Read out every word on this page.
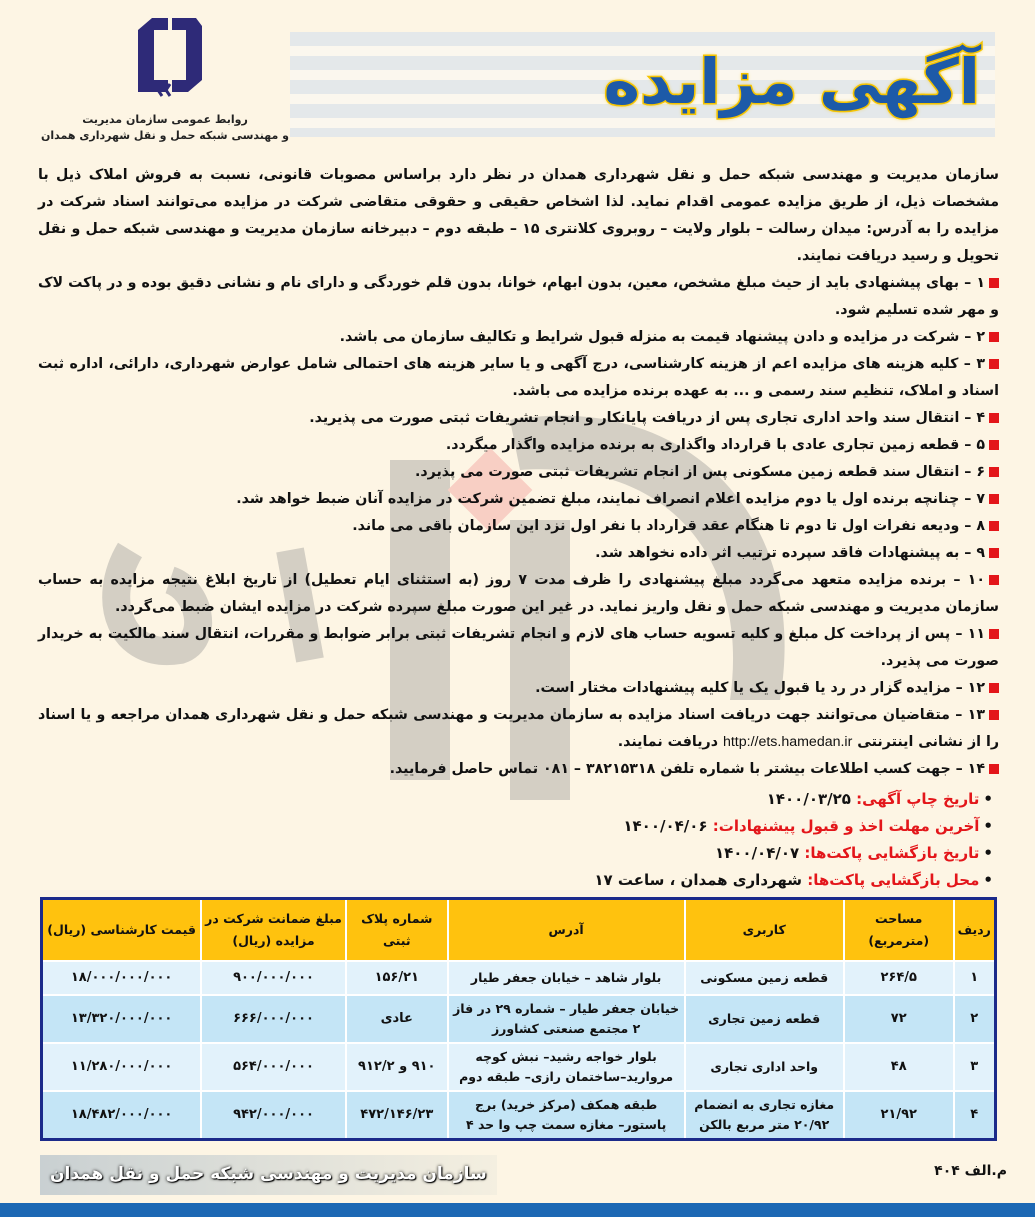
آگهی مزایده
روابط عمومی سازمان مدیریت
و مهندسی شبکه حمل و نقل شهرداری همدان

سازمان مدیریت و مهندسی شبکه حمل و نقل شهرداری همدان در نظر دارد براساس مصوبات قانونی، نسبت به فروش املاک ذیل با مشخصات ذیل، از طریق مزایده عمومی اقدام نماید. لذا اشخاص حقیقی و حقوقی متقاضی شرکت در مزایده می‌توانند اسناد شرکت در مزایده را به آدرس: میدان رسالت – بلوار ولایت – روبروی کلانتری ۱۵ – طبقه دوم – دبیرخانه سازمان مدیریت و مهندسی شبکه حمل و نقل تحویل و رسید دریافت نمایند.

۱ – بهای پیشنهادی باید از حیث مبلغ مشخص، معین، بدون ابهام، خوانا، بدون قلم خوردگی و دارای نام و نشانی دقیق بوده و در پاکت لاک و مهر شده تسلیم شود.

۲ – شرکت در مزایده و دادن پیشنهاد قیمت به منزله قبول شرایط و تکالیف سازمان می باشد.

۳ – کلیه هزینه های مزایده اعم از هزینه کارشناسی، درج آگهی و یا سایر هزینه های احتمالی شامل عوارض شهرداری، دارائی، اداره ثبت اسناد و املاک، تنظیم سند رسمی و ... به عهده برنده مزایده می باشد.

۴ – انتقال سند واحد اداری تجاری پس از دریافت پایانکار و انجام تشریفات ثبتی صورت می پذیرید.

۵ – قطعه زمین تجاری عادی با قرارداد واگذاری به برنده مزایده واگذار میگردد.

۶ – انتقال سند قطعه زمین مسکونی پس از انجام تشریفات ثبتی صورت می پذیرد.

۷ – چنانچه برنده اول یا دوم مزایده اعلام انصراف نمایند، مبلغ تضمین شرکت در مزایده آنان ضبط خواهد شد.

۸ – ودیعه نفرات اول تا دوم تا هنگام عقد قرارداد با نفر اول نزد این سازمان باقی می ماند.

۹ – به پیشنهادات فاقد سپرده ترتیب اثر داده نخواهد شد.

۱۰ – برنده مزایده متعهد می‌گردد مبلغ پیشنهادی را ظرف مدت ۷ روز (به استثنای ایام تعطیل) از تاریخ ابلاغ نتیجه مزایده به حساب سازمان مدیریت و مهندسی شبکه حمل و نقل واریز نماید. در غیر این صورت مبلغ سپرده شرکت در مزایده ایشان ضبط می‌گردد.

۱۱ – پس از پرداخت کل مبلغ و کلیه تسویه حساب های لازم و انجام تشریفات ثبتی برابر ضوابط و مقررات، انتقال سند مالکیت به خریدار صورت می پذیرد.

۱۲ – مزایده گزار در رد یا قبول یک یا کلیه پیشنهادات مختار است.

۱۳ – متقاضیان می‌توانند جهت دریافت اسناد مزایده به سازمان مدیریت و مهندسی شبکه حمل و نقل شهرداری همدان مراجعه و یا اسناد را از نشانی اینترنتی http://ets.hamedan.ir دریافت نمایند.

۱۴ – جهت کسب اطلاعات بیشتر با شماره تلفن ۳۸۲۱۵۳۱۸ – ۰۸۱ تماس حاصل فرمایید.

•تاریخ چاپ آگهی: ۱۴۰۰/۰۳/۲۵
•آخرین مهلت اخذ و قبول پیشنهادات: ۱۴۰۰/۰۴/۰۶
•تاریخ بازگشایی پاکت‌ها: ۱۴۰۰/۰۴/۰۷
•محل بازگشایی پاکت‌ها: شهرداری همدان ، ساعت ۱۷
ردیف	مساحت (مترمربع)	کاربری	آدرس	شماره پلاک ثبتی	مبلغ ضمانت شرکت در مزایده (ریال)	قیمت کارشناسی (ریال)
۱	۲۶۴/۵	قطعه زمین مسکونی	بلوار شاهد – خیابان جعفر طیار	۱۵۶/۲۱	۹۰۰/۰۰۰/۰۰۰	۱۸/۰۰۰/۰۰۰/۰۰۰
۲	۷۲	قطعه زمین تجاری	خیابان جعفر طیار – شماره ۲۹ در فاز ۲ مجتمع صنعتی کشاورز	عادی	۶۶۶/۰۰۰/۰۰۰	۱۳/۳۲۰/۰۰۰/۰۰۰
۳	۴۸	واحد اداری تجاری	بلوار خواجه رشید– نبش کوچه مروارید–ساختمان رازی– طبقه دوم	۹۱۰ و ۹۱۲/۲	۵۶۴/۰۰۰/۰۰۰	۱۱/۲۸۰/۰۰۰/۰۰۰
۴	۲۱/۹۲	مغازه تجاری به انضمام ۲۰/۹۲ متر مربع بالکن	طبقه همکف (مرکز خرید) برج پاستور– مغازه سمت چپ وا حد ۴	۴۷۲/۱۴۶/۲۳	۹۴۲/۰۰۰/۰۰۰	۱۸/۴۸۲/۰۰۰/۰۰۰
م.الف ۴۰۴
سازمان مدیریت و مهندسی شبکه حمل و نقل همدان
